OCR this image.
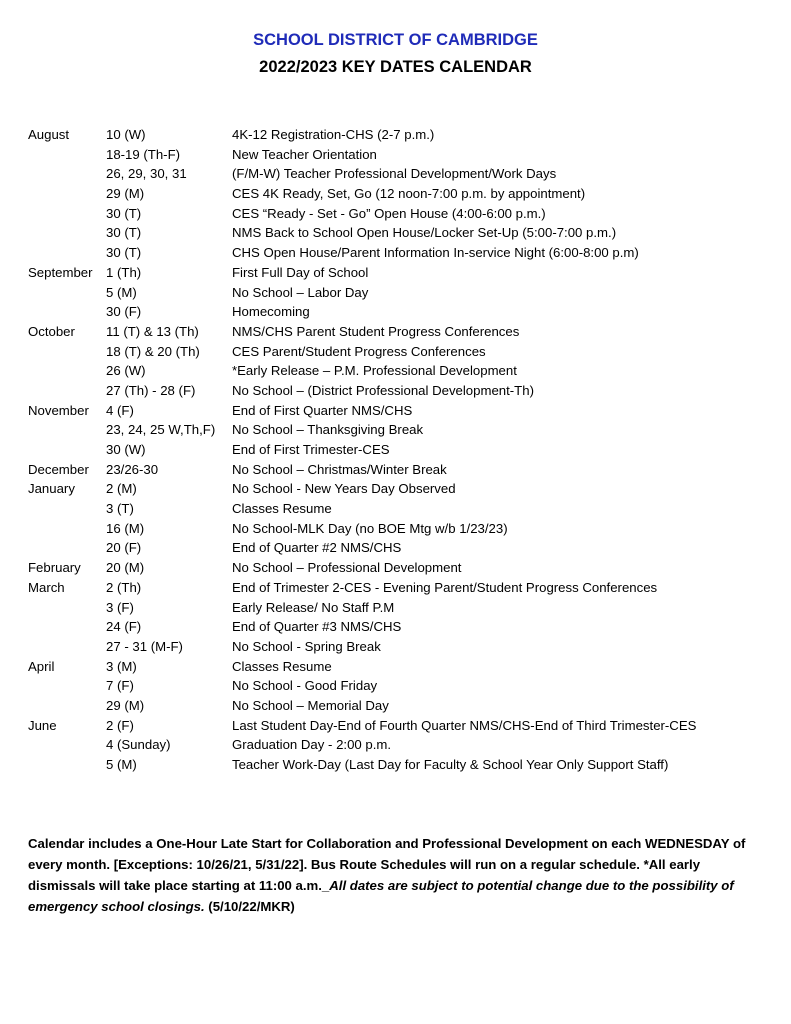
SCHOOL DISTRICT OF CAMBRIDGE
2022/2023 KEY DATES CALENDAR
August	10 (W)	4K-12 Registration-CHS (2-7 p.m.)
18-19 (Th-F)	New Teacher Orientation
26, 29, 30, 31	(F/M-W) Teacher Professional Development/Work Days
29 (M)	CES 4K Ready, Set, Go (12 noon-7:00 p.m. by appointment)
30 (T)	CES “Ready - Set - Go” Open House (4:00-6:00 p.m.)
30 (T)	NMS Back to School Open House/Locker Set-Up (5:00-7:00 p.m.)
30 (T)	CHS Open House/Parent Information In-service Night (6:00-8:00 p.m)
September 1 (Th)	First Full Day of School
5 (M)	No School – Labor Day
30 (F)	Homecoming
October 11 (T) & 13 (Th)	NMS/CHS Parent Student Progress Conferences
18 (T) & 20 (Th) CES Parent/Student Progress Conferences
26 (W)	*Early Release – P.M. Professional Development
27 (Th) - 28 (F)	No School – (District Professional Development-Th)
November 4 (F)	End of First Quarter NMS/CHS
23, 24, 25 W,Th,F) No School – Thanksgiving Break
30 (W)	End of First Trimester-CES
December 23/26-30	No School – Christmas/Winter Break
January 2 (M)	No School - New Years Day Observed
3 (T)	Classes Resume
16 (M)	No School-MLK Day (no BOE Mtg w/b 1/23/23)
20 (F)	End of Quarter #2 NMS/CHS
February 20 (M)	No School – Professional Development
March	2 (Th)	End of Trimester 2-CES - Evening Parent/Student Progress Conferences
3 (F)	Early Release/ No Staff P.M
24 (F)	End of Quarter #3 NMS/CHS
27 - 31 (M-F)	No School - Spring Break
April	3 (M)	Classes Resume
7 (F)	No School - Good Friday
29 (M)	No School – Memorial Day
June	2 (F)	Last Student Day-End of Fourth Quarter NMS/CHS-End of Third Trimester-CES
4 (Sunday)	Graduation Day - 2:00 p.m.
5 (M)	Teacher Work-Day (Last Day for Faculty & School Year Only Support Staff)
Calendar includes a One-Hour Late Start for Collaboration and Professional Development on each WEDNESDAY of every month. [Exceptions: 10/26/21, 5/31/22]. Bus Route Schedules will run on a regular schedule. *All early dismissals will take place starting at 11:00 a.m._All dates are subject to potential change due to the possibility of emergency school closings. (5/10/22/MKR)
